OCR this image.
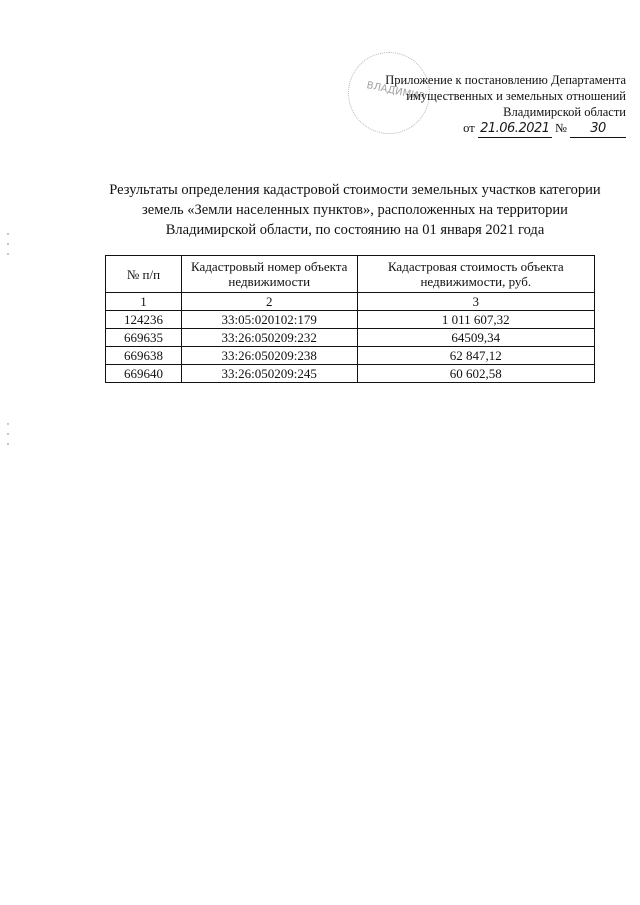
ВЛАДИМИР
Приложение к постановлению Департамента
имущественных и земельных отношений
Владимирской области
от 21.06.2021 № 30
Результаты определения кадастровой стоимости земельных участков категории
земель «Земли населенных пунктов», расположенных на территории
Владимирской области, по состоянию на 01 января 2021 года
№ п/п	Кадастровый номер объекта недвижимости	Кадастровая стоимость объекта недвижимости, руб.
1	2	3
124236	33:05:020102:179	1 011 607,32
669635	33:26:050209:232	64509,34
669638	33:26:050209:238	62 847,12
669640	33:26:050209:245	60 602,58
